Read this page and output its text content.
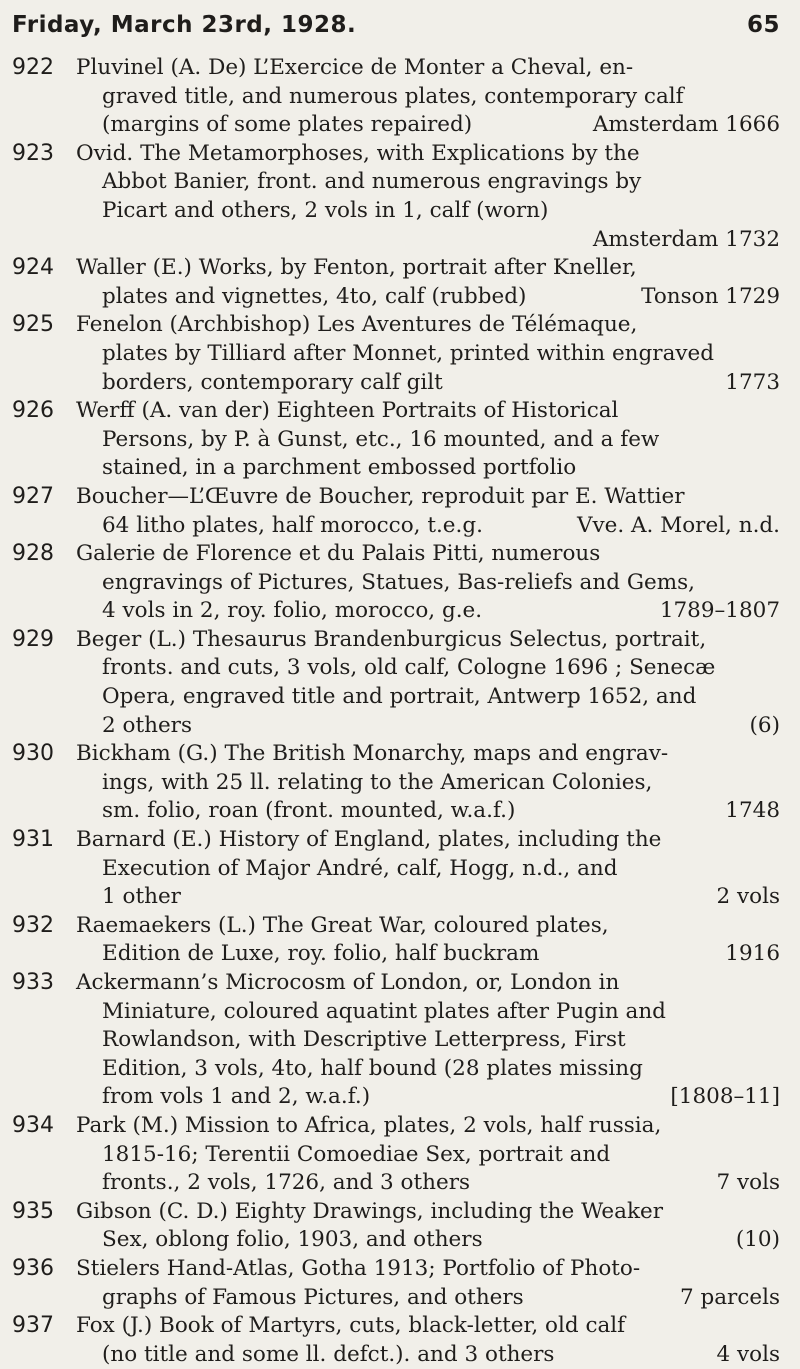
Friday, March 23rd, 1928.	65
922	Pluvinel (A. De) L’Exercice de Monter a Cheval, en-
graved title, and numerous plates, contemporary calf
(margins of some plates repaired)	Amsterdam 1666
923	Ovid. The Metamorphoses, with Explications by the
Abbot Banier, front. and numerous engravings by
Picart and others, 2 vols in 1, calf (worn)
Amsterdam 1732
924	Waller (E.) Works, by Fenton, portrait after Kneller,
plates and vignettes, 4to, calf (rubbed)	Tonson 1729
925	Fenelon (Archbishop) Les Aventures de Télémaque,
plates by Tilliard after Monnet, printed within engraved
borders, contemporary calf gilt	1773
926	Werff (A. van der) Eighteen Portraits of Historical
Persons, by P. à Gunst, etc., 16 mounted, and a few
stained, in a parchment embossed portfolio
927	Boucher—L’Œuvre de Boucher, reproduit par E. Wattier
64 litho plates, half morocco, t.e.g.	Vve. A. Morel, n.d.
928	Galerie de Florence et du Palais Pitti, numerous
engravings of Pictures, Statues, Bas-reliefs and Gems,
4 vols in 2, roy. folio, morocco, g.e.	1789–1807
929	Beger (L.) Thesaurus Brandenburgicus Selectus, portrait,
fronts. and cuts, 3 vols, old calf, Cologne 1696 ; Senecæ
Opera, engraved title and portrait, Antwerp 1652, and
2 others	(6)
930	Bickham (G.) The British Monarchy, maps and engrav-
ings, with 25 ll. relating to the American Colonies,
sm. folio, roan (front. mounted, w.a.f.)	1748
931	Barnard (E.) History of England, plates, including the
Execution of Major André, calf, Hogg, n.d., and
1 other	2 vols
932	Raemaekers (L.) The Great War, coloured plates,
Edition de Luxe, roy. folio, half buckram	1916
933	Ackermann’s Microcosm of London, or, London in
Miniature, coloured aquatint plates after Pugin and
Rowlandson, with Descriptive Letterpress, First
Edition, 3 vols, 4to, half bound (28 plates missing
from vols 1 and 2, w.a.f.)	[1808–11]
934	Park (M.) Mission to Africa, plates, 2 vols, half russia,
1815-16; Terentii Comoediae Sex, portrait and
fronts., 2 vols, 1726, and 3 others	7 vols
935	Gibson (C. D.) Eighty Drawings, including the Weaker
Sex, oblong folio, 1903, and others	(10)
936	Stielers Hand-Atlas, Gotha 1913; Portfolio of Photo-
graphs of Famous Pictures, and others	7 parcels
937	Fox (J.) Book of Martyrs, cuts, black-letter, old calf
(no title and some ll. defct.). and 3 others	4 vols
